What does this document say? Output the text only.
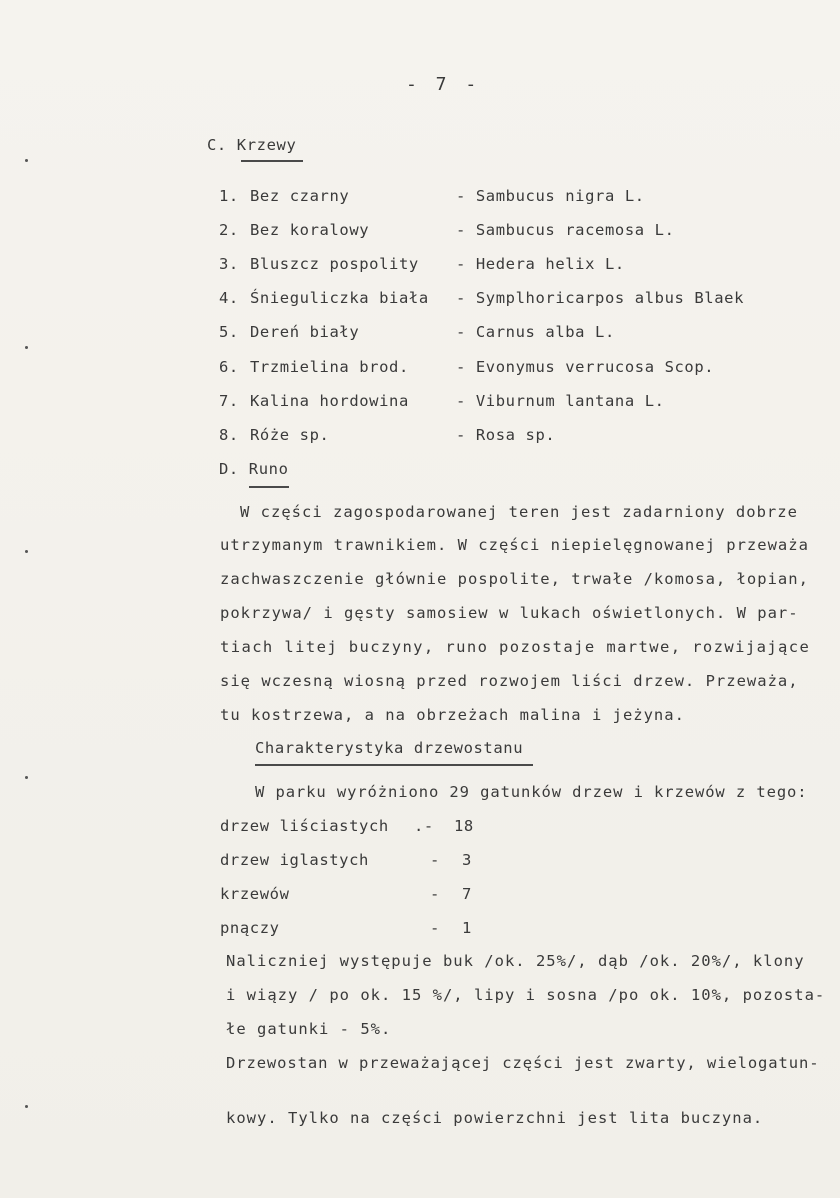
- 7 -
C. Krzewy
1. Bez czarny	- Sambucus nigra L.
2. Bez koralowy	- Sambucus racemosa L.
3. Bluszcz pospolity - Hedera helix L.
4. Śnieguliczka biała - Symplhoricarpos albus Blaek
5. Dereń biały	- Carnus alba L.
6. Trzmielina brod.	- Evonymus verrucosa Scop.
7. Kalina hordowina	- Viburnum lantana L.
8. Róże sp.	- Rosa sp.
D. Runo
W części zagospodarowanej teren jest zadarniony dobrze
utrzymanym trawnikiem. W części niepielęgnowanej przeważa
zachwaszczenie głównie pospolite, trwałe /komosa, łopian,
pokrzywa/ i gęsty samosiew w lukach oświetlonych. W par-
tiach litej buczyny, runo pozostaje martwe, rozwijające
się wczesną wiosną przed rozwojem liści drzew. Przeważa,
tu kostrzewa, a na obrzeżach malina i jeżyna.
Charakterystyka drzewostanu
W parku wyróżniono 29 gatunków drzew i krzewów z tego:
drzew liściastych .- 18
drzew iglastych	- 3
krzewów	- 7
pnączy	- 1
Naliczniej występuje buk /ok. 25%/, dąb /ok. 20%/, klony
i wiązy / po ok. 15 %/, lipy i sosna /po ok. 10%, pozosta-
łe gatunki - 5%.
Drzewostan w przeważającej części jest zwarty, wielogatun-
kowy. Tylko na części powierzchni jest lita buczyna.
